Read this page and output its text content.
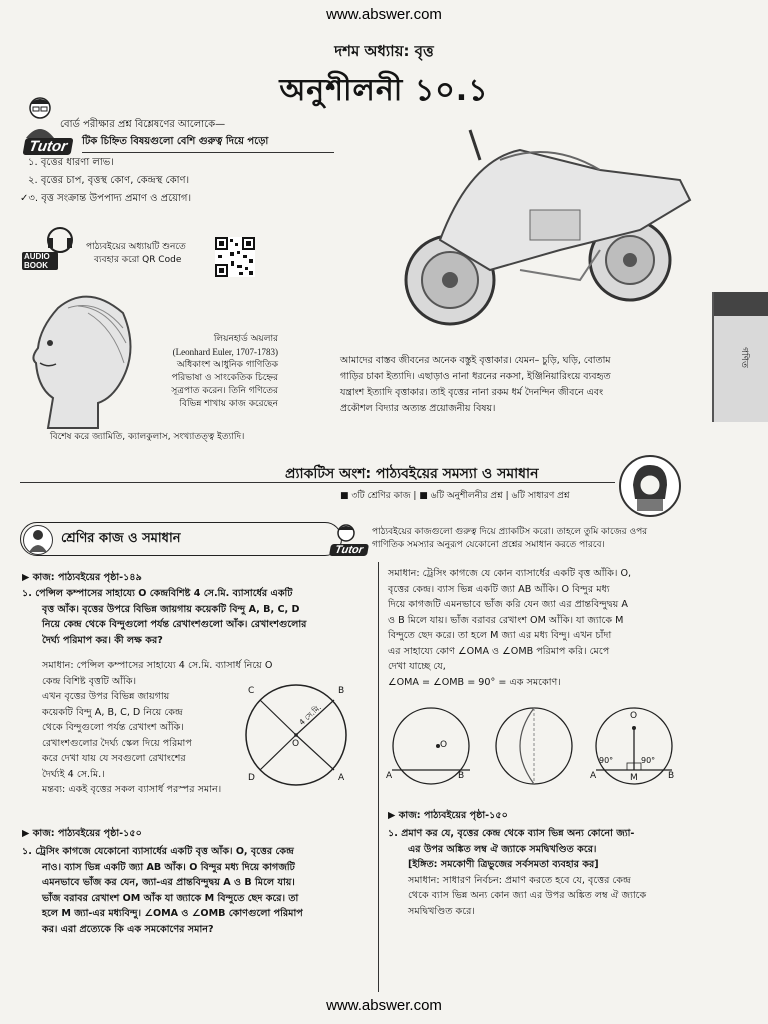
www.abswer.com
www.abswer.com
দশম অধ্যায়: বৃত্ত
অনুশীলনী ১০.১
Tutor
বোর্ড পরীক্ষার প্রশ্ন বিশ্লেষণের আলোকে—
টিক চিহ্নিত বিষয়গুলো বেশি গুরুত্ব দিয়ে পড়ো
১. বৃত্তের ধারণা লাভ।
২. বৃত্তের চাপ, বৃত্তস্থ কোণ, কেন্দ্রস্থ কোণ।
✓৩. বৃত্ত সংক্রান্ত উপপাদ্য প্রমাণ ও প্রয়োগ।
AUDIO
BOOK
পাঠ্যবইয়ের অধ্যায়টি শুনতে
ব্যবহার করো QR Code
গণিত
লিয়নহার্ড অয়লার
(Leonhard Euler, 1707-1783)
অধিকাংশ আধুনিক গাণিতিক
পরিভাষা ও সাংকেতিক চিহ্নের
সূত্রপাত করেন। তিনি গণিতের
বিভিন্ন শাখায় কাজ করেছেন
বিশেষ করে জ্যামিতি, ক্যালকুলাস, সংখ্যাতত্ত্ব ইত্যাদি।
আমাদের বাস্তব জীবনের অনেক বস্তুই বৃত্তাকার। যেমন– চুড়ি, ঘড়ি, বোতাম
গাড়ির চাকা ইত্যাদি। এছাড়াও নানা ধরনের নকসা, ইঞ্জিনিয়ারিংয়ে ব্যবহৃত
যন্ত্রাংশ ইত্যাদি বৃত্তাকার। তাই বৃত্তের নানা রকম ধর্ম দৈনন্দিন জীবনে এবং
প্রকৌশল বিদ্যার অত্যন্ত প্রয়োজনীয় বিষয়।
প্র্যাকটিস অংশ: পাঠ্যবইয়ের সমস্যা ও সমাধান
■ ৩টি শ্রেণির কাজ | ■ ৬টি অনুশীলনীর প্রশ্ন | ৬টি সাধারণ প্রশ্ন
শ্রেণির কাজ ও সমাধান
Tutor
পাঠ্যবইয়ের কাজগুলো গুরুত্ব দিয়ে প্র্যাকটিস করো। তাহলে তুমি কাজের ওপর
গাণিতিক সমস্যার অনুরূপ যেকোনো প্রশ্নের সমাধান করতে পারবে।
▶ কাজ: পাঠ্যবইয়ের পৃষ্ঠা-১৪৯
১. পেন্সিল কম্পাসের সাহায্যে O কেন্দ্রবিশিষ্ট 4 সে.মি. ব্যাসার্ধের একটি
বৃত্ত আঁক। বৃত্তের উপরে বিভিন্ন জায়গায় কয়েকটি বিন্দু A, B, C, D
নিয়ে কেন্দ্র থেকে বিন্দুগুলো পর্যন্ত রেখাংশগুলো আঁক। রেখাংশগুলোর
দৈর্ঘ্য পরিমাপ কর। কী লক্ষ কর?
সমাধান: পেন্সিল কম্পাসের সাহায্যে 4 সে.মি. ব্যাসার্ধ নিয়ে O
কেন্দ্র বিশিষ্ট বৃত্তটি আঁকি।
এখন বৃত্তের উপর বিভিন্ন জায়গায়
কয়েকটি বিন্দু A, B, C, D নিয়ে কেন্দ্র
থেকে বিন্দুগুলো পর্যন্ত রেখাংশ আঁকি।
রেখাংশগুলোর দৈর্ঘ্য স্কেল দিয়ে পরিমাপ
করে দেখা যায় যে সবগুলো রেখাংশের
দৈর্ঘ্যই 4 সে.মি.।
মন্তব্য: একই বৃত্তের সকল ব্যাসার্ধ পরস্পর সমান।
C	B
D	A
O
4 সে.মি.
▶ কাজ: পাঠ্যবইয়ের পৃষ্ঠা-১৫০
১. ট্রেসিং কাগজে যেকোনো ব্যাসার্ধের একটি বৃত্ত আঁক। O, বৃত্তের কেন্দ্র
নাও। ব্যাস ভিন্ন একটি জ্যা AB আঁক। O বিন্দুর মধ্য দিয়ে কাগজটি
এমনভাবে ভাঁজ কর যেন, জ্যা-এর প্রান্তবিন্দুদ্বয় A ও B মিলে যায়।
ভাঁজ বরাবর রেখাংশ OM আঁক যা জ্যাকে M বিন্দুতে ছেদ করে। তা
হলে M জ্যা-এর মধ্যবিন্দু। ∠OMA ও ∠OMB কোণগুলো পরিমাপ
কর। এরা প্রত্যেকে কি এক সমকোণের সমান?
সমাধান: ট্রেসিং কাগজে যে কোন ব্যাসার্ধের একটি বৃত্ত আঁকি। O,
বৃত্তের কেন্দ্র। ব্যাস ভিন্ন একটি জ্যা AB আঁকি। O বিন্দুর মধ্য
দিয়ে কাগজটি এমনভাবে ভাঁজ করি যেন জ্যা এর প্রান্তবিন্দুদ্বয় A
ও B মিলে যায়। ভাঁজ বরাবর রেখাংশ OM আঁকি। যা জ্যাকে M
বিন্দুতে ছেদ করে। তা হলে M জ্যা এর মধ্য বিন্দু। এখন চাঁদা
এর সাহায্যে কোণ ∠OMA ও ∠OMB পরিমাপ করি। মেপে
দেখা যাচ্ছে যে,
∠OMA = ∠OMB = 90° = এক সমকোণ।
A	B
O
O
90°	90°
A	M	B
▶ কাজ: পাঠ্যবইয়ের পৃষ্ঠা-১৫০
১. প্রমাণ কর যে, বৃত্তের কেন্দ্র থেকে ব্যাস ভিন্ন অন্য কোনো জ্যা-
এর উপর অঙ্কিত লম্ব ঐ জ্যাকে সমদ্বিখণ্ডিত করে।
[ইঙ্গিত: সমকোণী ত্রিভুজের সর্বসমতা ব্যবহার কর]
সমাধান: সাধারণ নির্বচন: প্রমাণ করতে হবে যে, বৃত্তের কেন্দ্র
থেকে ব্যাস ভিন্ন অন্য কোন জ্যা এর উপর অঙ্কিত লম্ব ঐ জ্যাকে
সমদ্বিখণ্ডিত করে।
